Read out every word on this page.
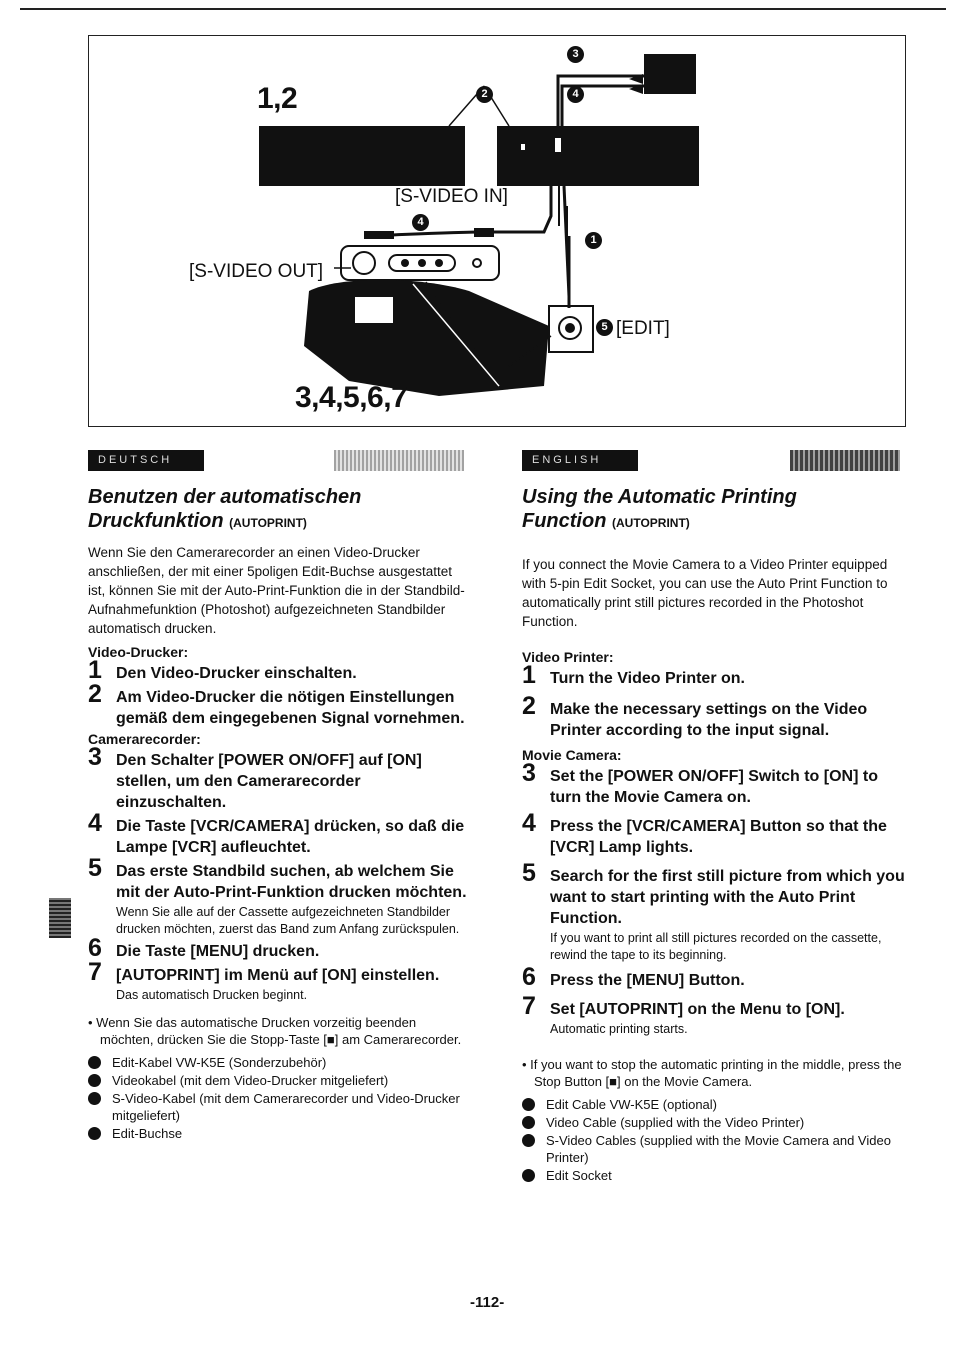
1,2
3,4,5,6,7
[S-VIDEO IN]
[S-VIDEO OUT]
[EDIT]
3
2	4
4
1
5
DEUTSCH
Benutzen der automatischen
Druckfunktion (AUTOPRINT)

Wenn Sie den Camerarecorder an einen Video-Drucker anschließen, der mit einer 5poligen Edit-Buchse ausgestattet ist, können Sie mit der Auto-Print-Funktion die in der Standbild-Aufnahmefunktion (Photoshot) aufgezeichneten Standbilder automatisch drucken.

Video-Drucker:
1 Den Video-Drucker einschalten.
2 Am Video-Drucker die nötigen Einstellungen gemäß dem eingegebenen Signal vornehmen.
Camerarecorder:
3 Den Schalter [POWER ON/OFF] auf [ON] stellen, um den Camerarecorder einzuschalten.
4 Die Taste [VCR/CAMERA] drücken, so daß die Lampe [VCR] aufleuchtet.
5 Das erste Standbild suchen, ab welchem Sie mit der Auto-Print-Funktion drucken möchten.
Wenn Sie alle auf der Cassette aufgezeichneten Standbilder drucken möchten, zuerst das Band zum Anfang zurückspulen.
6 Die Taste [MENU] drucken.
7 [AUTOPRINT] im Menü auf [ON] einstellen.
Das automatisch Drucken beginnt.
• Wenn Sie das automatische Drucken vorzeitig beenden möchten, drücken Sie die Stopp-Taste [■] am Camerarecorder.
Edit-Kabel VW-K5E (Sonderzubehör)
Videokabel (mit dem Video-Drucker mitgeliefert)
S-Video-Kabel (mit dem Camerarecorder und Video-Drucker mitgeliefert)
Edit-Buchse
ENGLISH
Using the Automatic Printing
Function (AUTOPRINT)

If you connect the Movie Camera to a Video Printer equipped with 5-pin Edit Socket, you can use the Auto Print Function to automatically print still pictures recorded in the Photoshot Function.

Video Printer:
1 Turn the Video Printer on.
2 Make the necessary settings on the Video Printer according to the input signal.
Movie Camera:
3 Set the [POWER ON/OFF] Switch to [ON] to turn the Movie Camera on.
4 Press the [VCR/CAMERA] Button so that the [VCR] Lamp lights.
5 Search for the first still picture from which you want to start printing with the Auto Print Function.
If you want to print all still pictures recorded on the cassette, rewind the tape to its beginning.
6 Press the [MENU] Button.
7 Set [AUTOPRINT] on the Menu to [ON].
Automatic printing starts.
• If you want to stop the automatic printing in the middle, press the Stop Button [■] on the Movie Camera.
Edit Cable VW-K5E (optional)
Video Cable (supplied with the Video Printer)
S-Video Cables (supplied with the Movie Camera and Video Printer)
Edit Socket
-112-
